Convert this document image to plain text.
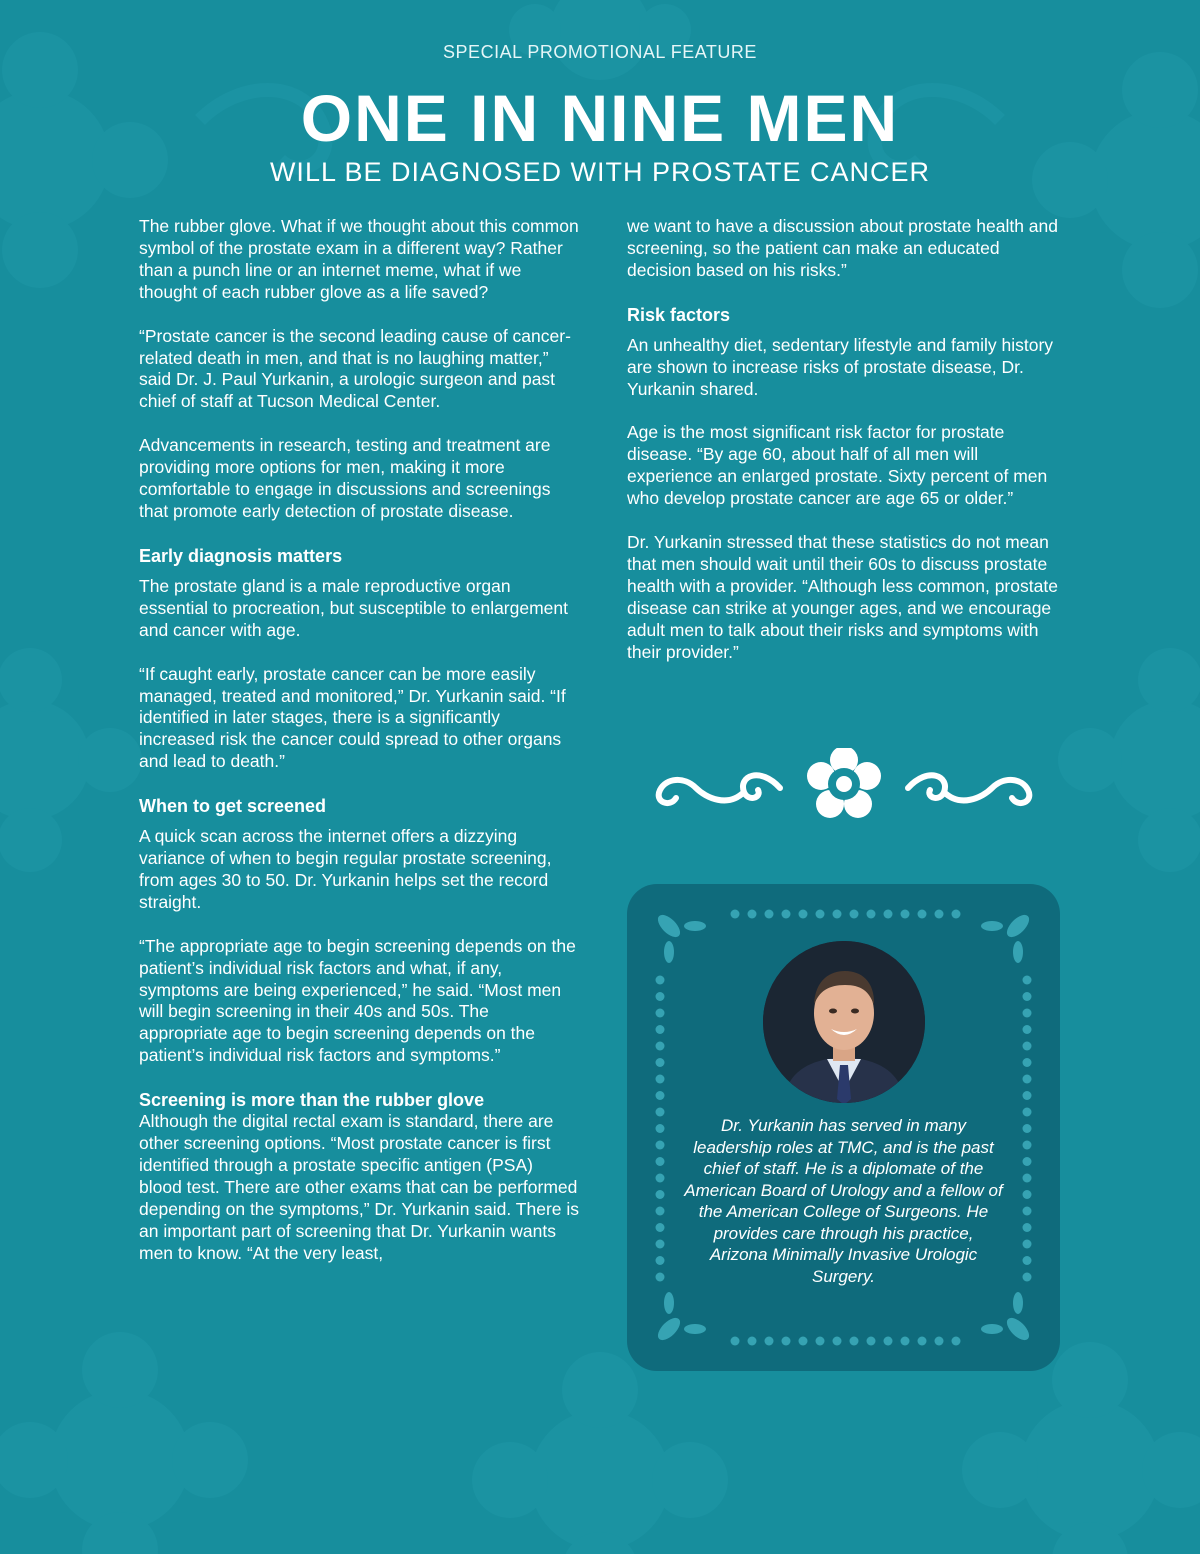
SPECIAL PROMOTIONAL FEATURE
ONE IN NINE MEN
WILL BE DIAGNOSED WITH PROSTATE CANCER

The rubber glove. What if we thought about this common symbol of the prostate exam in a different way? Rather than a punch line or an internet meme, what if we thought of each rubber glove as a life saved?

“Prostate cancer is the second leading cause of cancer-related death in men, and that is no laughing matter,” said Dr. J. Paul Yurkanin, a urologic surgeon and past chief of staff at Tucson Medical Center.

Advancements in research, testing and treatment are providing more options for men, making it more comfortable to engage in discussions and screenings that promote early detection of prostate disease.

Early diagnosis matters

The prostate gland is a male reproductive organ essential to procreation, but susceptible to enlargement and cancer with age.

“If caught early, prostate cancer can be more easily managed, treated and monitored,” Dr. Yurkanin said. “If identified in later stages, there is a significantly increased risk the cancer could spread to other organs and lead to death.”

When to get screened

A quick scan across the internet offers a dizzying variance of when to begin regular prostate screening, from ages 30 to 50. Dr. Yurkanin helps set the record straight.

“The appropriate age to begin screening depends on the patient’s individual risk factors and what, if any, symptoms are being experienced,” he said. “Most men will begin screening in their 40s and 50s. The appropriate age to begin screening depends on the patient’s individual risk factors and symptoms.”

Screening is more than the rubber glove

Although the digital rectal exam is standard, there are other screening options. “Most prostate cancer is first identified through a prostate specific antigen (PSA) blood test. There are other exams that can be performed depending on the symptoms,” Dr. Yurkanin said. There is an important part of screening that Dr. Yurkanin wants men to know. “At the very least,

we want to have a discussion about prostate health and screening, so the patient can make an educated decision based on his risks.”

Risk factors

An unhealthy diet, sedentary lifestyle and family history are shown to increase risks of prostate disease, Dr. Yurkanin shared.

Age is the most significant risk factor for prostate disease. “By age 60, about half of all men will experience an enlarged prostate. Sixty percent of men who develop prostate cancer are age 65 or older.”

Dr. Yurkanin stressed that these statistics do not mean that men should wait until their 60s to discuss prostate health with a provider. “Although less common, prostate disease can strike at younger ages, and we encourage adult men to talk about their risks and symptoms with their provider.”

Dr. Yurkanin has served in many leadership roles at TMC, and is the past chief of staff. He is a diplomate of the American Board of Urology and a fellow of the American College of Surgeons. He provides care through his practice, Arizona Minimally Invasive Urologic Surgery.
